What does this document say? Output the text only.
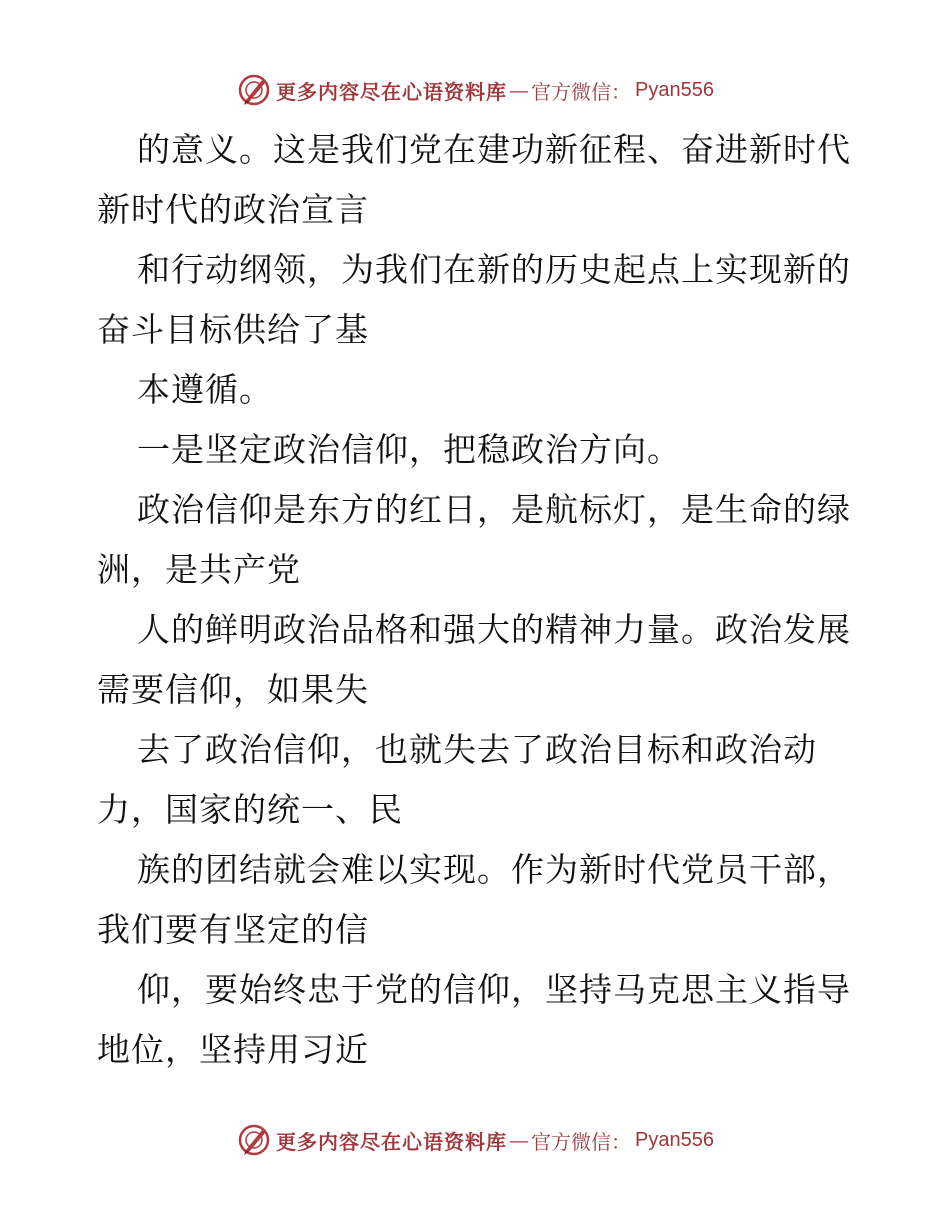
更多内容尽在心语资料库 — 官方微信： Pyan556
的意义。这是我们党在建功新征程、奋进新时代
新时代的政治宣言
和行动纲领，为我们在新的历史起点上实现新的
奋斗目标供给了基
本遵循。
一是坚定政治信仰，把稳政治方向。
政治信仰是东方的红日，是航标灯，是生命的绿
洲，是共产党
人的鲜明政治品格和强大的精神力量。政治发展
需要信仰，如果失
去了政治信仰，也就失去了政治目标和政治动
力，国家的统一、民
族的团结就会难以实现。作为新时代党员干部，
我们要有坚定的信
仰，要始终忠于党的信仰，坚持马克思主义指导
地位，坚持用习近
更多内容尽在心语资料库 — 官方微信： Pyan556
